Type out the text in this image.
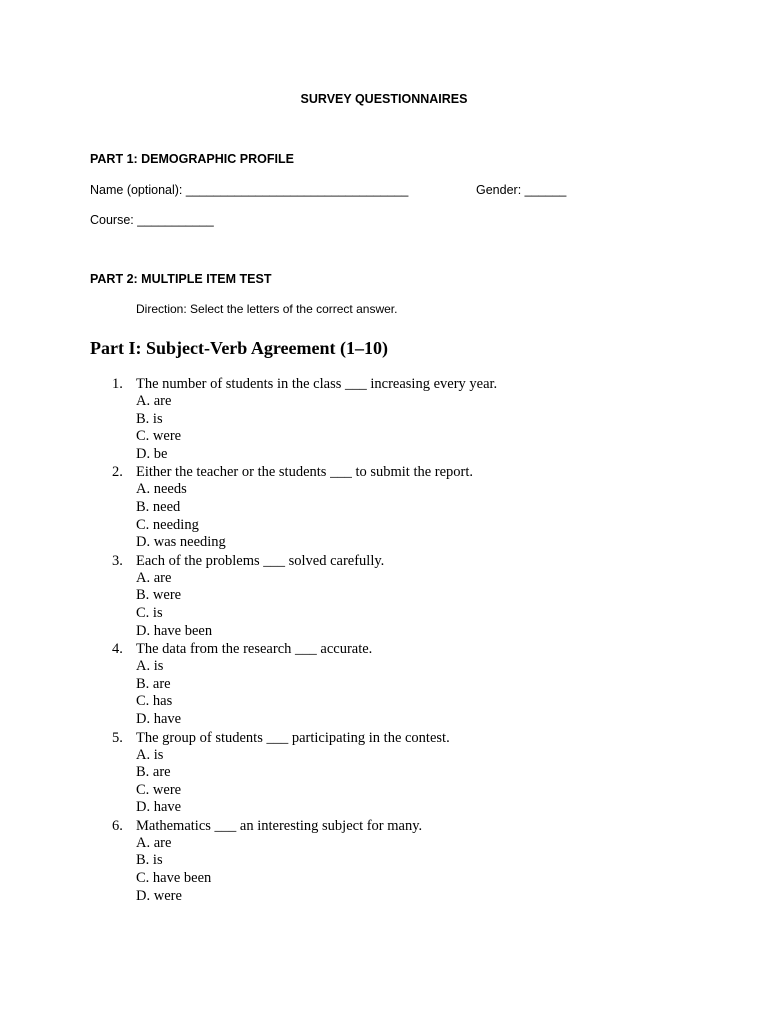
SURVEY QUESTIONNAIRES
PART 1: DEMOGRAPHIC PROFILE
Name (optional): ________________________________	Gender: ______
Course: ___________
PART 2: MULTIPLE ITEM TEST
Direction: Select the letters of the correct answer.
Part I: Subject-Verb Agreement (1–10)
1. The number of students in the class ___ increasing every year.
A. are
B. is
C. were
D. be
2. Either the teacher or the students ___ to submit the report.
A. needs
B. need
C. needing
D. was needing
3. Each of the problems ___ solved carefully.
A. are
B. were
C. is
D. have been
4. The data from the research ___ accurate.
A. is
B. are
C. has
D. have
5. The group of students ___ participating in the contest.
A. is
B. are
C. were
D. have
6. Mathematics ___ an interesting subject for many.
A. are
B. is
C. have been
D. were
